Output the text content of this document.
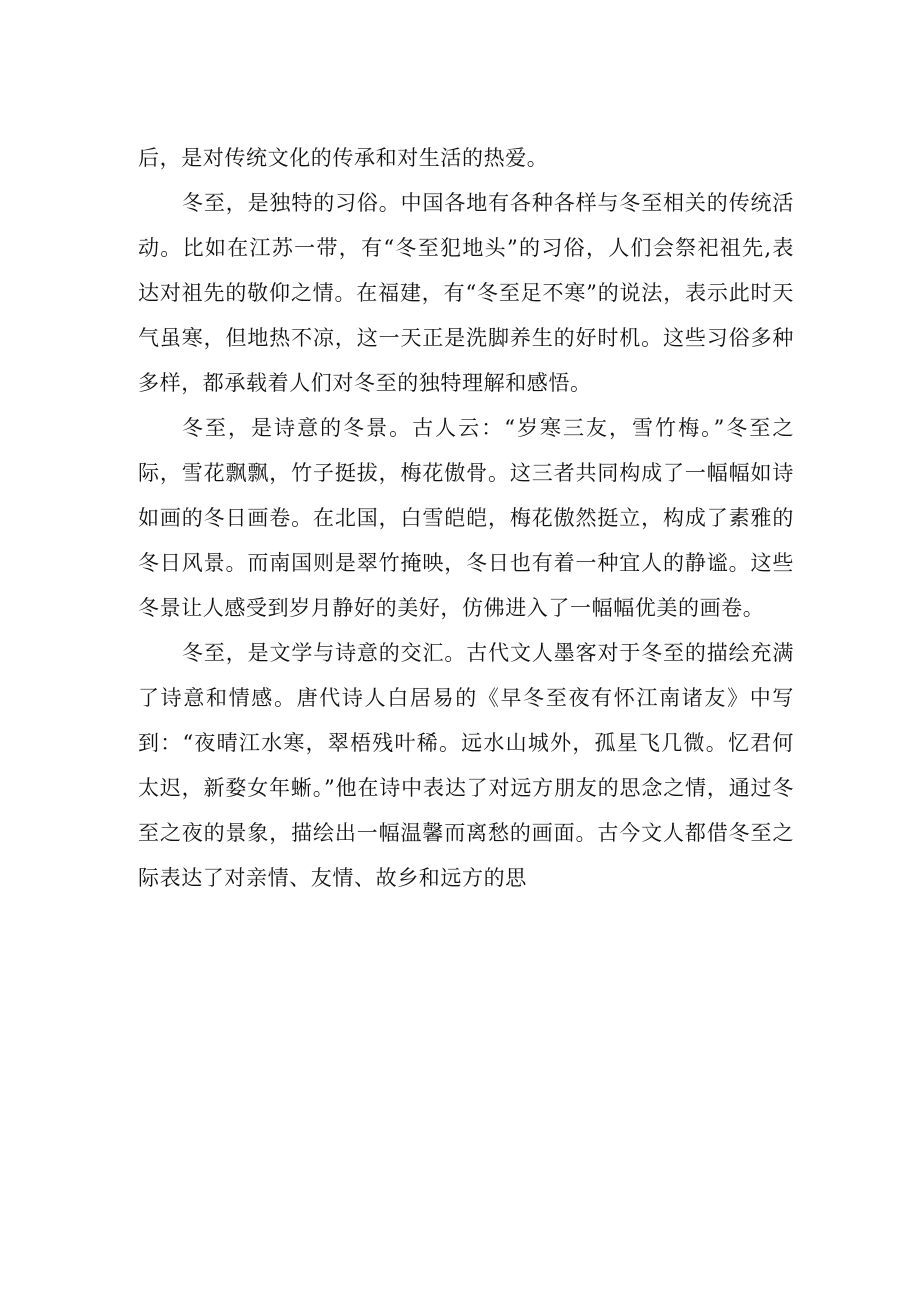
后，是对传统文化的传承和对生活的热爱。

冬至，是独特的习俗。中国各地有各种各样与冬至相关的传统活动。比如在江苏一带，有“冬至犯地头”的习俗，人们会祭祀祖先,表达对祖先的敬仰之情。在福建，有“冬至足不寒”的说法，表示此时天气虽寒，但地热不凉，这一天正是洗脚养生的好时机。这些习俗多种多样，都承载着人们对冬至的独特理解和感悟。

冬至，是诗意的冬景。古人云：“岁寒三友，雪竹梅。”冬至之际，雪花飘飘，竹子挺拔，梅花傲骨。这三者共同构成了一幅幅如诗如画的冬日画卷。在北国，白雪皑皑，梅花傲然挺立，构成了素雅的冬日风景。而南国则是翠竹掩映，冬日也有着一种宜人的静谧。这些冬景让人感受到岁月静好的美好，仿佛进入了一幅幅优美的画卷。

冬至，是文学与诗意的交汇。古代文人墨客对于冬至的描绘充满了诗意和情感。唐代诗人白居易的《早冬至夜有怀江南诸友》中写到：“夜晴江水寒，翠梧残叶稀。远水山城外，孤星飞几微。忆君何太迟，新婺女年蜥。”他在诗中表达了对远方朋友的思念之情，通过冬至之夜的景象，描绘出一幅温馨而离愁的画面。古今文人都借冬至之际表达了对亲情、友情、故乡和远方的思
